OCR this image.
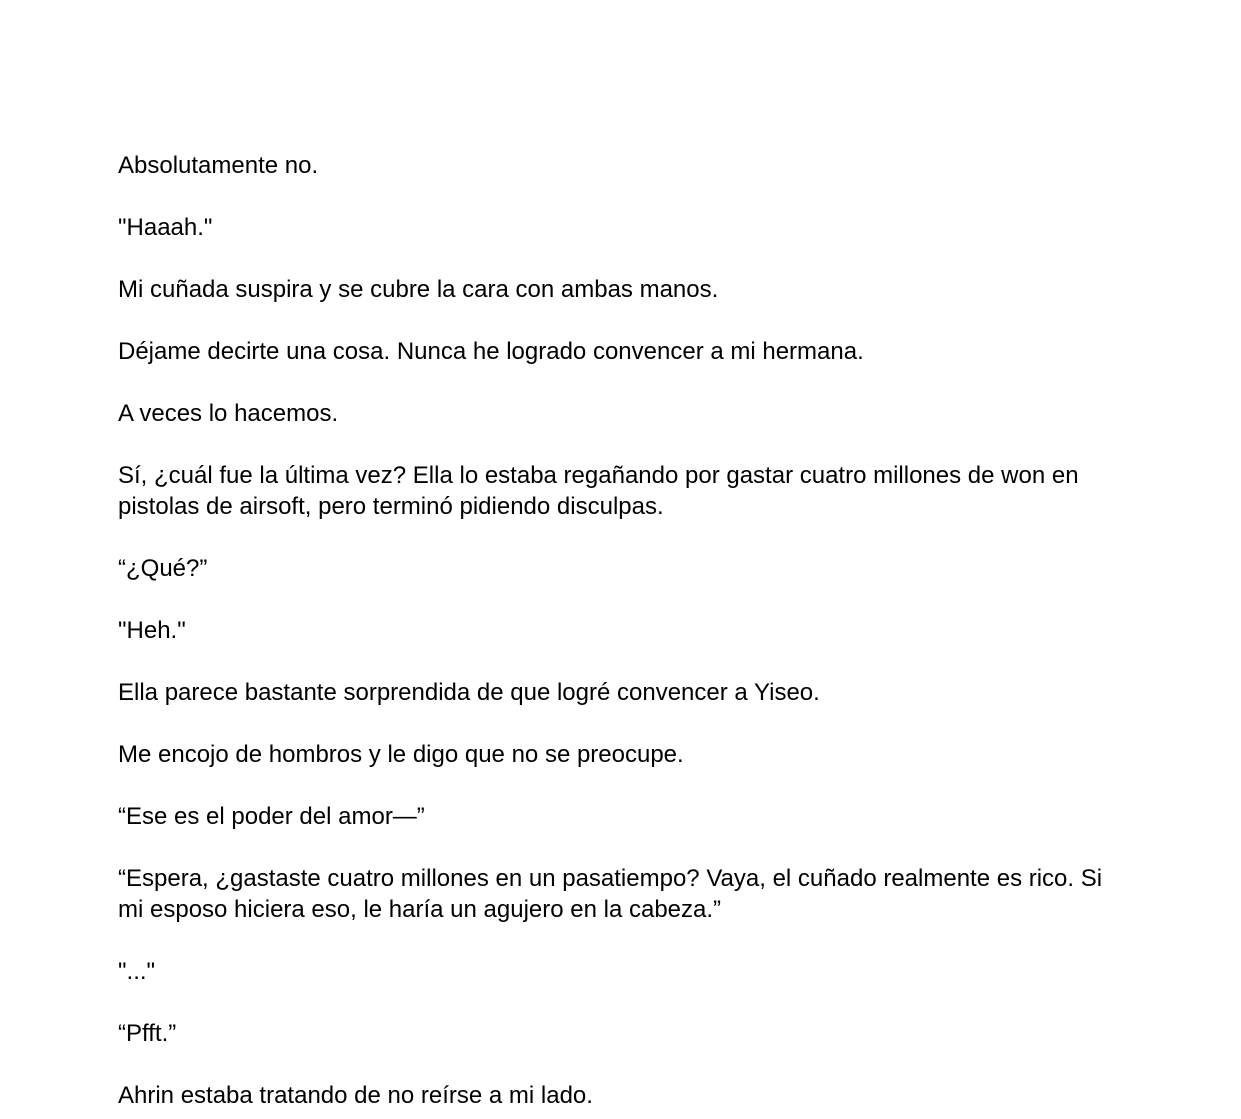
Absolutamente no.

"Haaah."

Mi cuñada suspira y se cubre la cara con ambas manos.

Déjame decirte una cosa. Nunca he logrado convencer a mi hermana.

A veces lo hacemos.

Sí, ¿cuál fue la última vez? Ella lo estaba regañando por gastar cuatro millones de won en pistolas de airsoft, pero terminó pidiendo disculpas.

“¿Qué?”

"Heh."

Ella parece bastante sorprendida de que logré convencer a Yiseo.

Me encojo de hombros y le digo que no se preocupe.

“Ese es el poder del amor—”

“Espera, ¿gastaste cuatro millones en un pasatiempo? Vaya, el cuñado realmente es rico. Si mi esposo hiciera eso, le haría un agujero en la cabeza.”

"..."

“Pfft.”

Ahrin estaba tratando de no reírse a mi lado.
